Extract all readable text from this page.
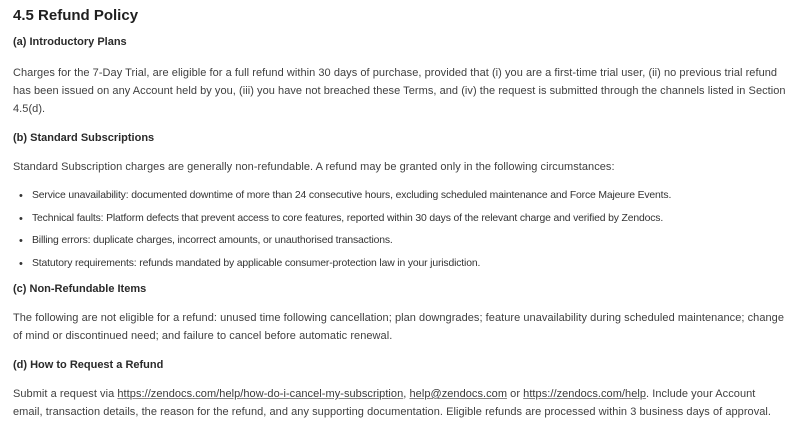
4.5 Refund Policy
(a) Introductory Plans

Charges for the 7-Day Trial, are eligible for a full refund within 30 days of purchase, provided that (i) you are a first-time trial user, (ii) no previous trial refund has been issued on any Account held by you, (iii) you have not breached these Terms, and (iv) the request is submitted through the channels listed in Section 4.5(d).

(b) Standard Subscriptions

Standard Subscription charges are generally non-refundable. A refund may be granted only in the following circumstances:

• Service unavailability: documented downtime of more than 24 consecutive hours, excluding scheduled maintenance and Force Majeure Events.
• Technical faults: Platform defects that prevent access to core features, reported within 30 days of the relevant charge and verified by Zendocs.
• Billing errors: duplicate charges, incorrect amounts, or unauthorised transactions.
• Statutory requirements: refunds mandated by applicable consumer-protection law in your jurisdiction.
(c) Non-Refundable Items

The following are not eligible for a refund: unused time following cancellation; plan downgrades; feature unavailability during scheduled maintenance; change of mind or discontinued need; and failure to cancel before automatic renewal.

(d) How to Request a Refund

Submit a request via https://zendocs.com/help/how-do-i-cancel-my-subscription, help@zendocs.com or https://zendocs.com/help. Include your Account email, transaction details, the reason for the refund, and any supporting documentation. Eligible refunds are processed within 3 business days of approval.
